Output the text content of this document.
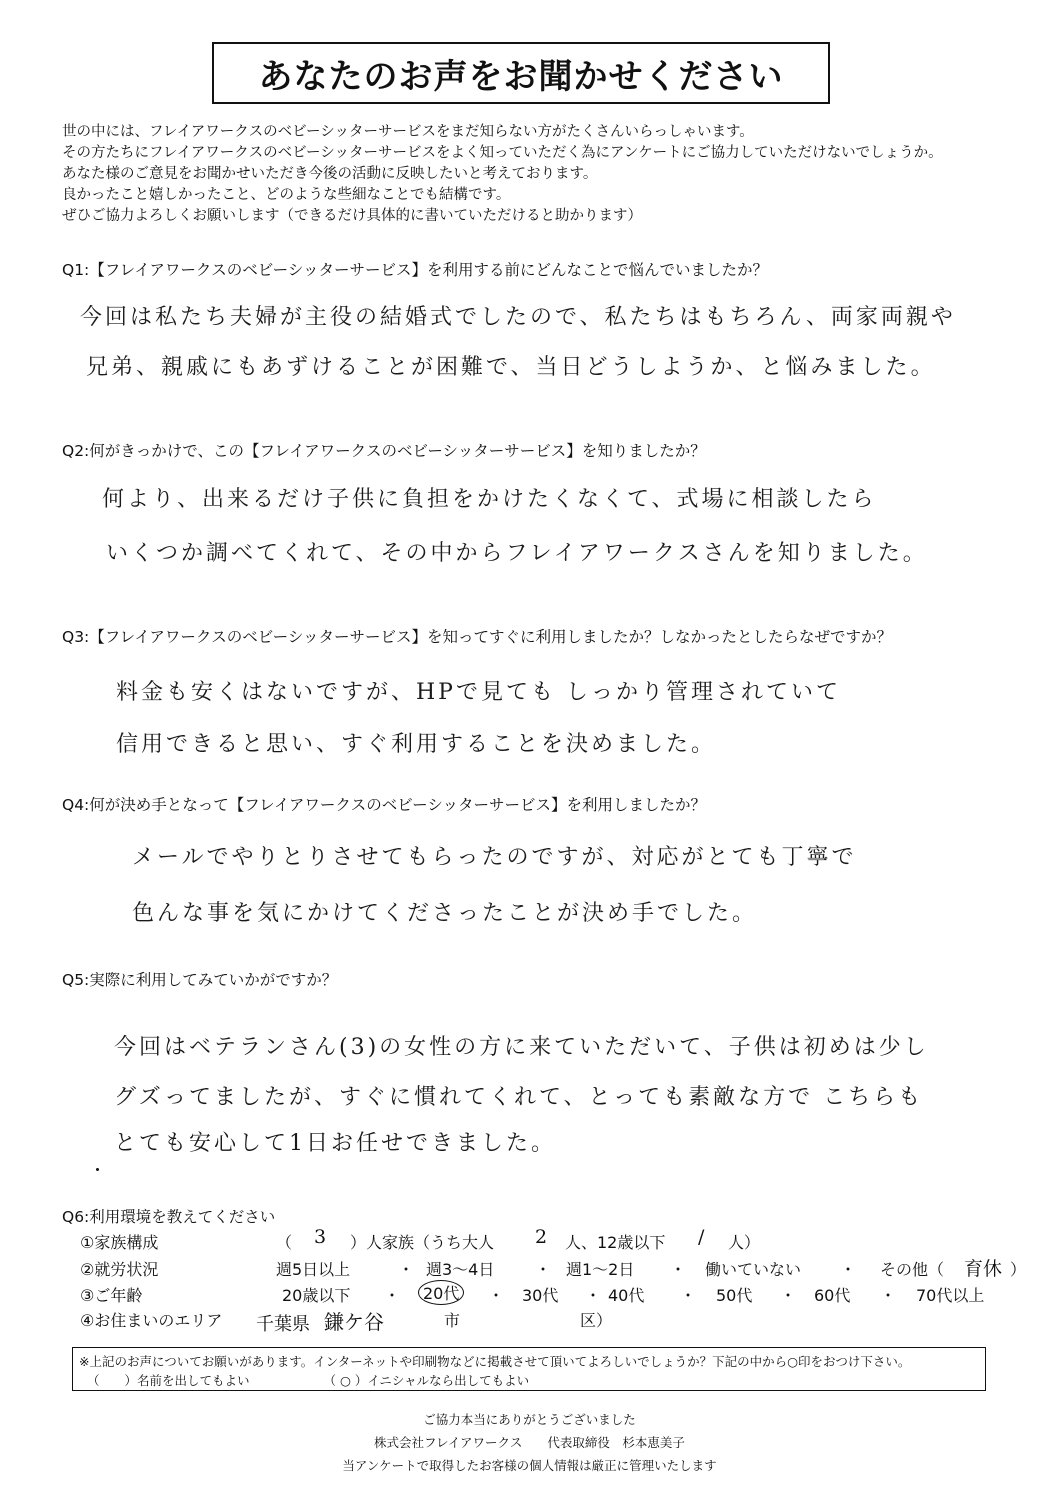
あなたのお声をお聞かせください
世の中には、フレイアワークスのベビーシッターサービスをまだ知らない方がたくさんいらっしゃいます。
その方たちにフレイアワークスのベビーシッターサービスをよく知っていただく為にアンケートにご協力していただけないでしょうか。
あなた様のご意見をお聞かせいただき今後の活動に反映したいと考えております。
良かったこと嬉しかったこと、どのような些細なことでも結構です。
ぜひご協力よろしくお願いします（できるだけ具体的に書いていただけると助かります）
Q1:【フレイアワークスのベビーシッターサービス】を利用する前にどんなことで悩んでいましたか？
今回は私たち夫婦が主役の結婚式でしたので、私たちはもちろん、両家両親や
兄弟、親戚にもあずけることが困難で、当日どうしようか、と悩みました。
Q2:何がきっかけで、この【フレイアワークスのベビーシッターサービス】を知りましたか？
何より、出来るだけ子供に負担をかけたくなくて、式場に相談したら
いくつか調べてくれて、その中からフレイアワークスさんを知りました。
Q3:【フレイアワークスのベビーシッターサービス】を知ってすぐに利用しましたか？しなかったとしたらなぜですか？
料金も安くはないですが、HPで見ても しっかり管理されていて
信用できると思い、すぐ利用することを決めました。
Q4:何が決め手となって【フレイアワークスのベビーシッターサービス】を利用しましたか？
メールでやりとりさせてもらったのですが、対応がとても丁寧で
色んな事を気にかけてくださったことが決め手でした。
Q5:実際に利用してみていかがですか？
今回はベテランさん(3)の女性の方に来ていただいて、子供は初めは少し
グズってましたが、すぐに慣れてくれて、とっても素敵な方で こちらも
とても安心して1日お任せできました。
Q6:利用環境を教えてください
①家族構成	（ 3 ）人家族（うち大人 2 人、12歳以下 / 人）
②就労状況	週5日以上	・ 週3～4日	・ 週1～2日 ・ 働いていない ・ その他（ 育休 ）
③ご年齢	20歳以下 ・	20代	・ 30代 ・ 40代 ・ 50代 ・ 60代 ・ 70代以上
④お住まいのエリア 千葉県 鎌ケ谷	市	区）
※上記のお声についてお願いがあります。インターネットや印刷物などに掲載させて頂いてよろしいでしょうか？下記の中から○印をおつけ下さい。
（　　）名前を出してもよい	（ ○ ）イニシャルなら出してもよい
ご協力本当にありがとうございました
株式会社フレイアワークス　　代表取締役　杉本恵美子
当アンケートで取得したお客様の個人情報は厳正に管理いたします
